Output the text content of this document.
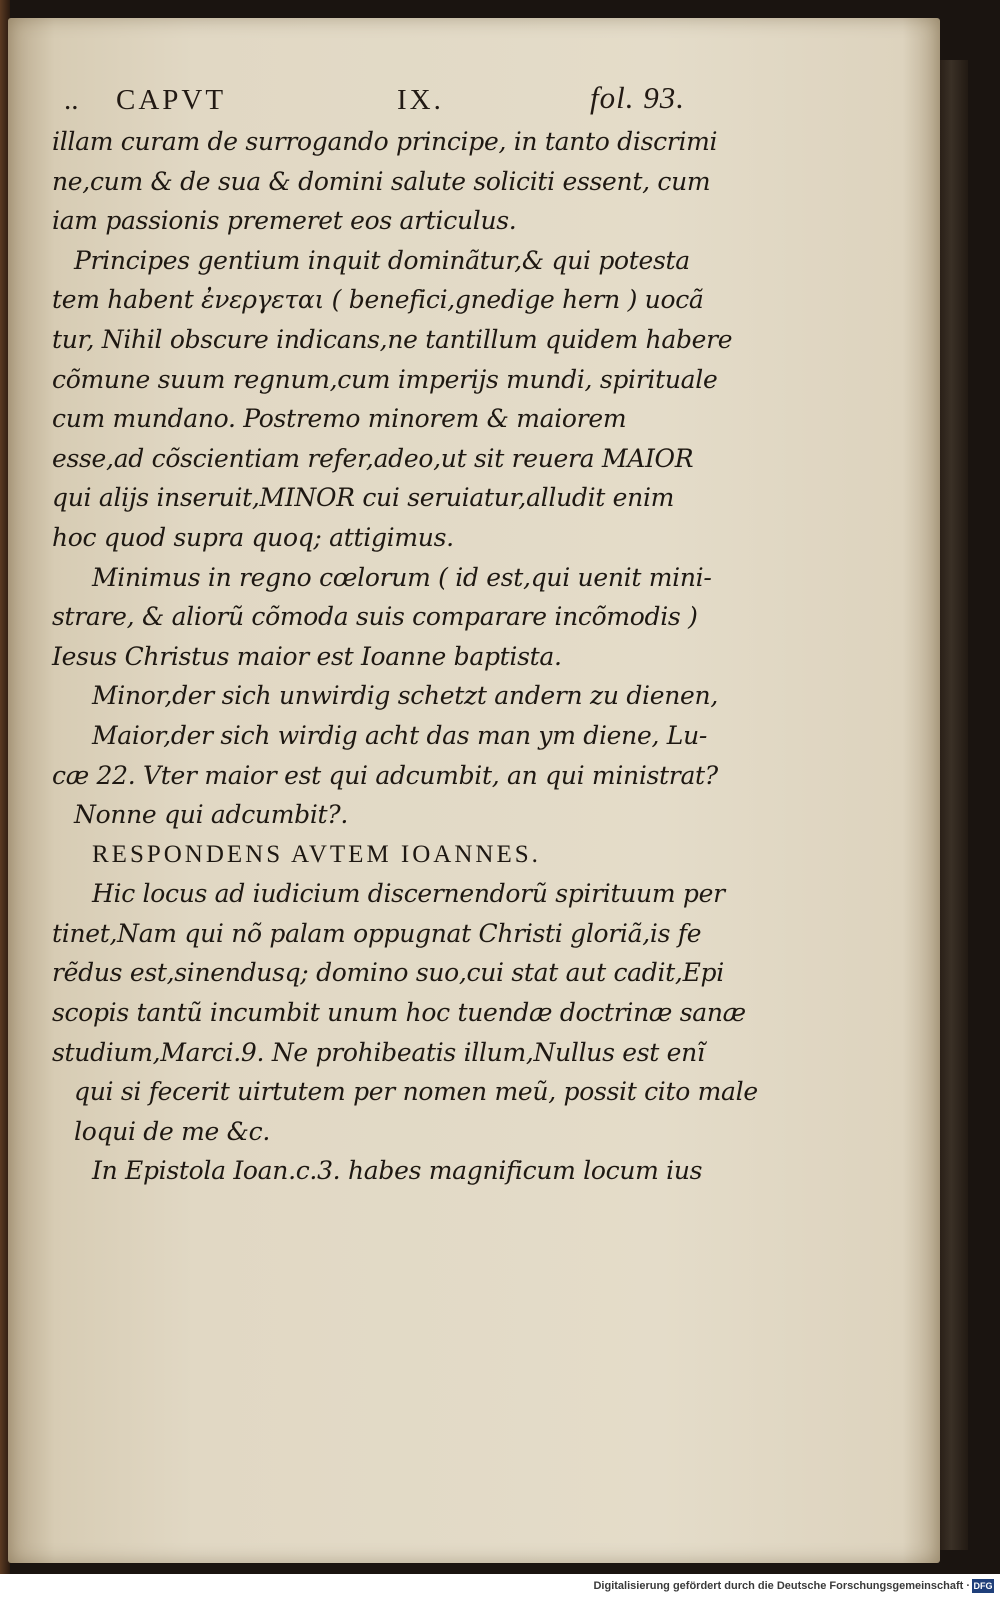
.. CAPVT	IX.	fol. 93.
illam curam de surrogando principe, in tanto discrimi
ne,cum & de sua & domini salute soliciti essent, cum
iam passionis premeret eos articulus.
Principes gentium inquit dominãtur,& qui potesta
tem habent ἐνεργεται ( benefici,gnedige hern ) uocã
tur, Nihil obscure indicans,ne tantillum quidem habere
cõmune suum regnum,cum imperijs mundi, spirituale
cum mundano. Postremo minorem & maiorem
esse,ad cõscientiam refer,adeo,ut sit reuera MAIOR
qui alijs inseruit,MINOR cui seruiatur,alludit enim
hoc quod supra quoq; attigimus.
Minimus in regno cœlorum ( id est,qui uenit mini-
strare, & aliorũ cõmoda suis comparare incõmodis )
Iesus Christus maior est Ioanne baptista.
Minor,der sich unwirdig schetzt andern zu dienen,
Maior,der sich wirdig acht das man ym diene, Lu-
cæ 22. Vter maior est qui adcumbit, an qui ministrat?
Nonne qui adcumbit?.
RESPONDENS AVTEM IOANNES.
Hic locus ad iudicium discernendorũ spirituum per
tinet,Nam qui nõ palam oppugnat Christi gloriã,is fe
rẽdus est,sinendusq; domino suo,cui stat aut cadit,Epi
scopis tantũ incumbit unum hoc tuendæ doctrinæ sanæ
studium,Marci.9. Ne prohibeatis illum,Nullus est enĩ
qui si fecerit uirtutem per nomen meũ, possit cito male
loqui de me &c.
In Epistola Ioan.c.3. habes magnificum locum ius
Digitalisierung gefördert durch die Deutsche Forschungsgemeinschaft · DFG
